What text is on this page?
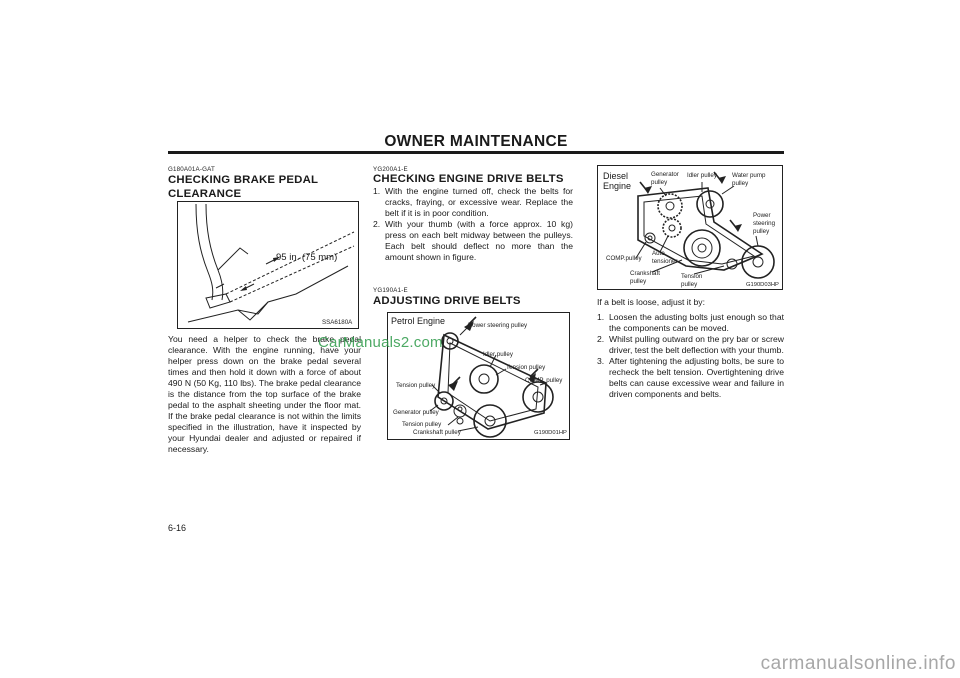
OWNER MAINTENANCE
G180A01A-GAT
CHECKING BRAKE PEDAL
CLEARANCE
95 in. (75 mm)
SSA6180A
You need a helper to check the brake pedal clearance. With the engine running, have your helper press down on the brake pedal several times and then hold it down with a force of about 490 N (50 Kg, 110 lbs). The brake pedal clearance is the distance from the top surface of the brake pedal to the asphalt sheeting under the floor mat. If the brake pedal clearance is not within the limits specified in the illustration, have it inspected by your Hyundai dealer and adjusted or repaired if necessary.
YG200A1-E
CHECKING ENGINE DRIVE BELTS
1. With the engine turned off, check the belts for cracks, fraying, or excessive wear. Replace the belt if it is in poor condition.
2. With your thumb (with a force approx. 10 kg) press on each belt midway between the pulleys. Each belt should deflect no more than the amount shown in figure.
YG190A1-E
ADJUSTING DRIVE BELTS
Petrol Engine	Power steering pulley
Idler pulley
Tension pulley
COMP. pulley
Tension pulley
Generator pulley
Tension pulley
Crankshaft pulley	G190D01HP
Diesel
Engine
Generator
pulley
Idler pulley Water pump
pulley
Power
steering
pulley
COMP.pulley
Auto
tensioner
Crankshaft
pulley
Tension
pulley	G190D03HP
If a belt is loose, adjust it by:
1. Loosen the adusting bolts just enough so that the components can be moved.
2. Whilst pulling outward on the pry bar or screw driver, test the belt deflection with your thumb.
3. After tightening the adjusting bolts, be sure to recheck the belt tension. Overtightening drive belts can cause excessive wear and failure in driven components and belts.
6-16
CarManuals2.com
carmanualsonline.info
